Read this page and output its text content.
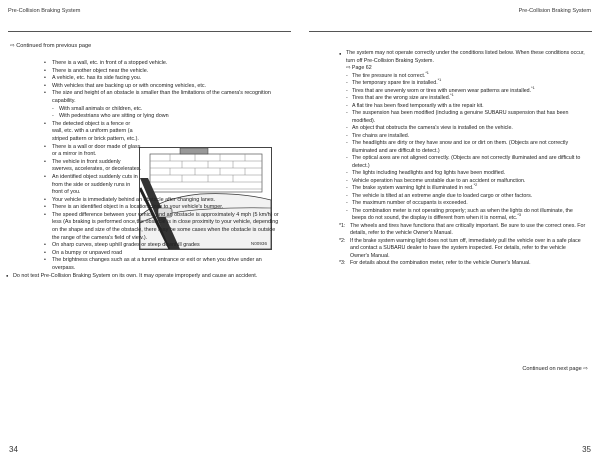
Pre-Collision Braking System	Pre-Collision Braking System
⇨ Continued from previous page
N00936
• There is a wall, etc. in front of a stopped vehicle.
• There is another object near the vehicle.
• A vehicle, etc. has its side facing you.
• With vehicles that are backing up or with oncoming vehicles, etc.
• The size and height of an obstacle is smaller than the limitations of the camera's recognition capability.
- With small animals or children, etc.
- With pedestrians who are sitting or lying down
• The detected object is a fence or wall, etc. with a uniform pattern (a striped pattern or brick pattern, etc.).
• There is a wall or door made of glass or a mirror in front.
• The vehicle in front suddenly swerves, accelerates, or decelerates.
• An identified object suddenly cuts in from the side or suddenly runs in front of you.
• Your vehicle is immediately behind an obstacle after changing lanes.
• There is an identified object in a location close to your vehicle's bumper.
• The speed difference between your vehicle and an obstacle is approximately 4 mph (5 km/h) or less (As braking is performed once,the obstacle is in close proximity to your vehicle, depending on the shape and size of the obstacle, there may be some cases when the obstacle is outside the range of the camera's field of view.).
• On sharp curves, steep uphill grades or steep downhill grades
• On a bumpy or unpaved road
• The brightness changes such as at a tunnel entrance or exit or when you drive under an overpass.
● Do not test Pre-Collision Braking System on its own. It may operate improperly and cause an accident.
● The system may not operate correctly under the conditions listed below. When these conditions occur, turn off Pre-Collision Braking System.
⇨ Page 62
- The tire pressure is not correct.$^{*1}$
- The temporary spare tire is installed.$^{*1}$
- Tires that are unevenly worn or tires with uneven wear patterns are installed.$^{*1}$
- Tires that are the wrong size are installed.$^{*1}$
- A flat tire has been fixed temporarily with a tire repair kit.
- The suspension has been modified (including a genuine SUBARU suspension that has been modified).
- An object that obstructs the camera's view is installed on the vehicle.
- Tire chains are installed.
- The headlights are dirty or they have snow and ice or dirt on them. (Objects are not correctly illuminated and are difficult to detect.)
- The optical axes are not aligned correctly. (Objects are not correctly illuminated and are difficult to detect.)
- The lights including headlights and fog lights have been modified.
- Vehicle operation has become unstable due to an accident or malfunction.
- The brake system warning light is illuminated in red.$^{*2}$
- The vehicle is tilted at an extreme angle due to loaded cargo or other factors.
- The maximum number of occupants is exceeded.
- The combination meter is not operating properly; such as when the lights do not illuminate, the beeps do not sound, the display is different from when it is normal, etc.$^{*3}$
*1: The wheels and tires have functions that are critically important. Be sure to use the correct ones. For details, refer to the vehicle Owner's Manual.
*2: If the brake system warning light does not turn off, immediately pull the vehicle over in a safe place and contact a SUBARU dealer to have the system inspected. For details, refer to the vehicle Owner's Manual.
*3: For details about the combination meter, refer to the vehicle Owner's Manual.
Continued on next page ⇨
34	35
